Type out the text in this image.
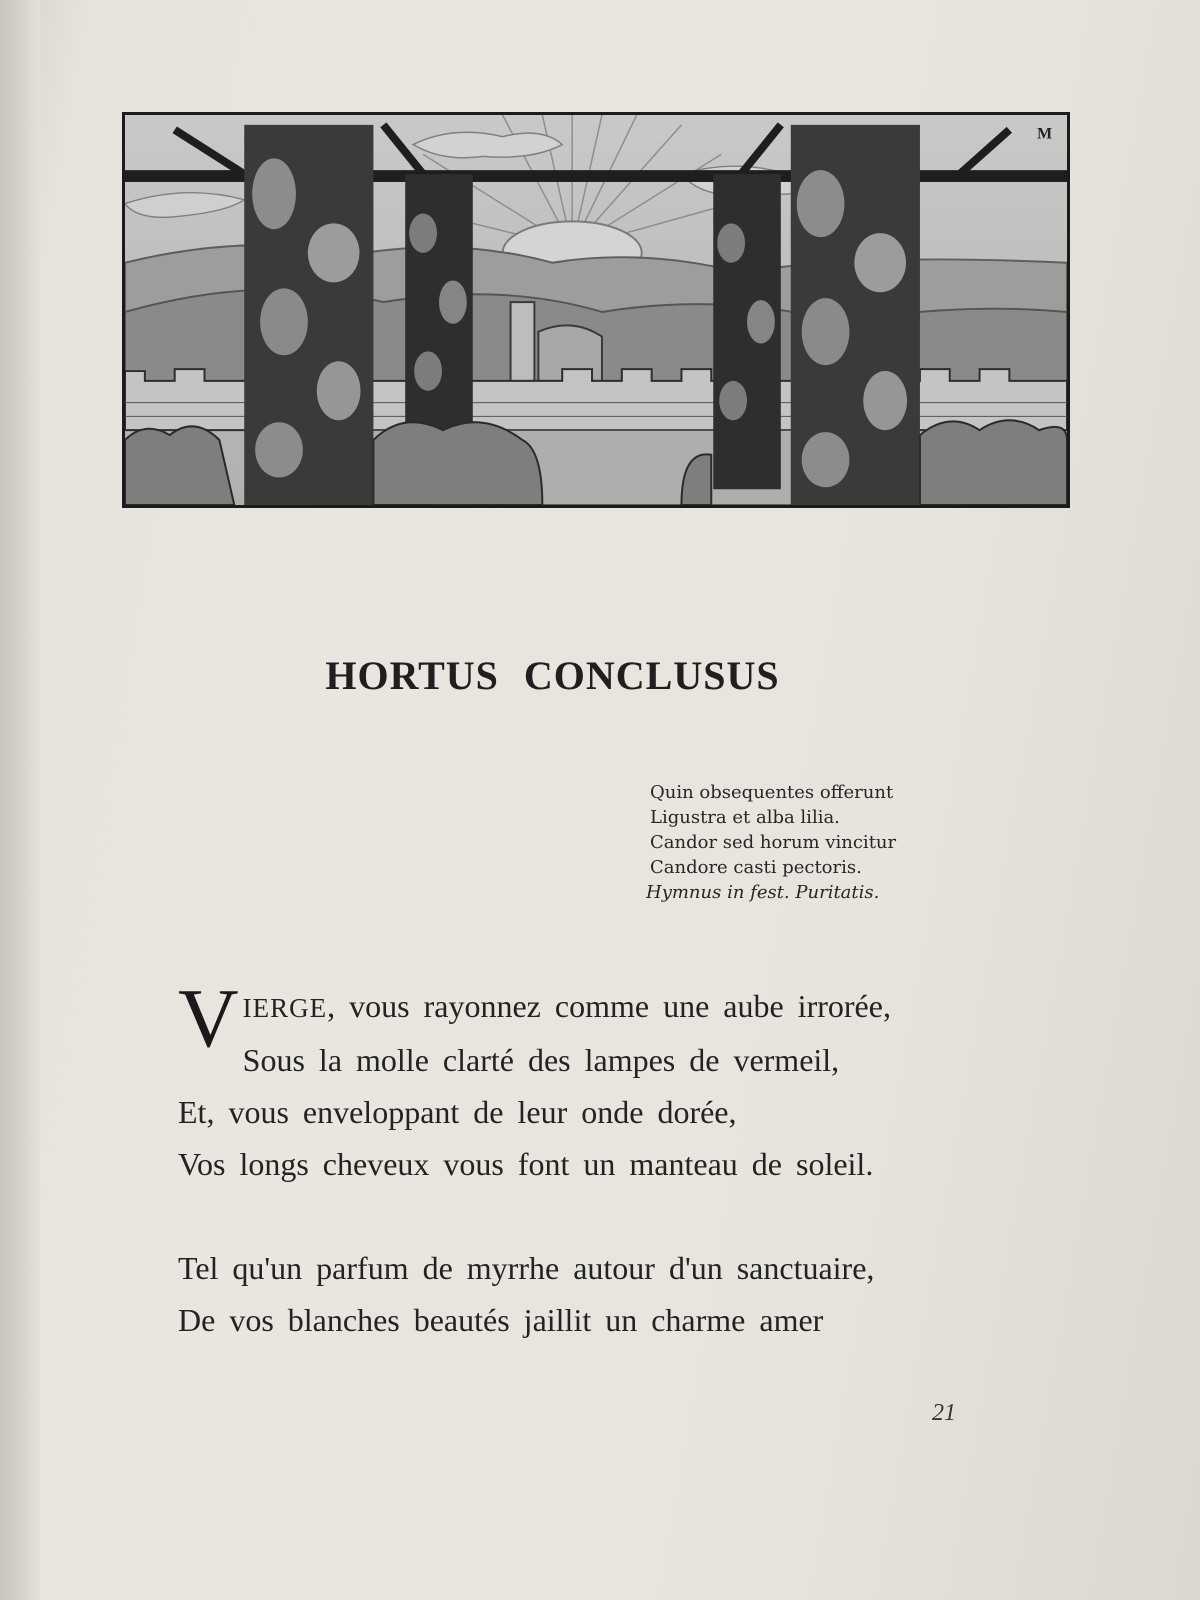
M
HORTUS CONCLUSUS
Quin obsequentes offerunt
Ligustra et alba lilia.
Candor sed horum vincitur
Candore casti pectoris.
Hymnus in fest. Puritatis.
VIERGE, vous rayonnez comme une aube irrorée,
Sous la molle clarté des lampes de vermeil,
Et, vous enveloppant de leur onde dorée,
Vos longs cheveux vous font un manteau de soleil.
Tel qu'un parfum de myrrhe autour d'un sanctuaire,
De vos blanches beautés jaillit un charme amer
21
